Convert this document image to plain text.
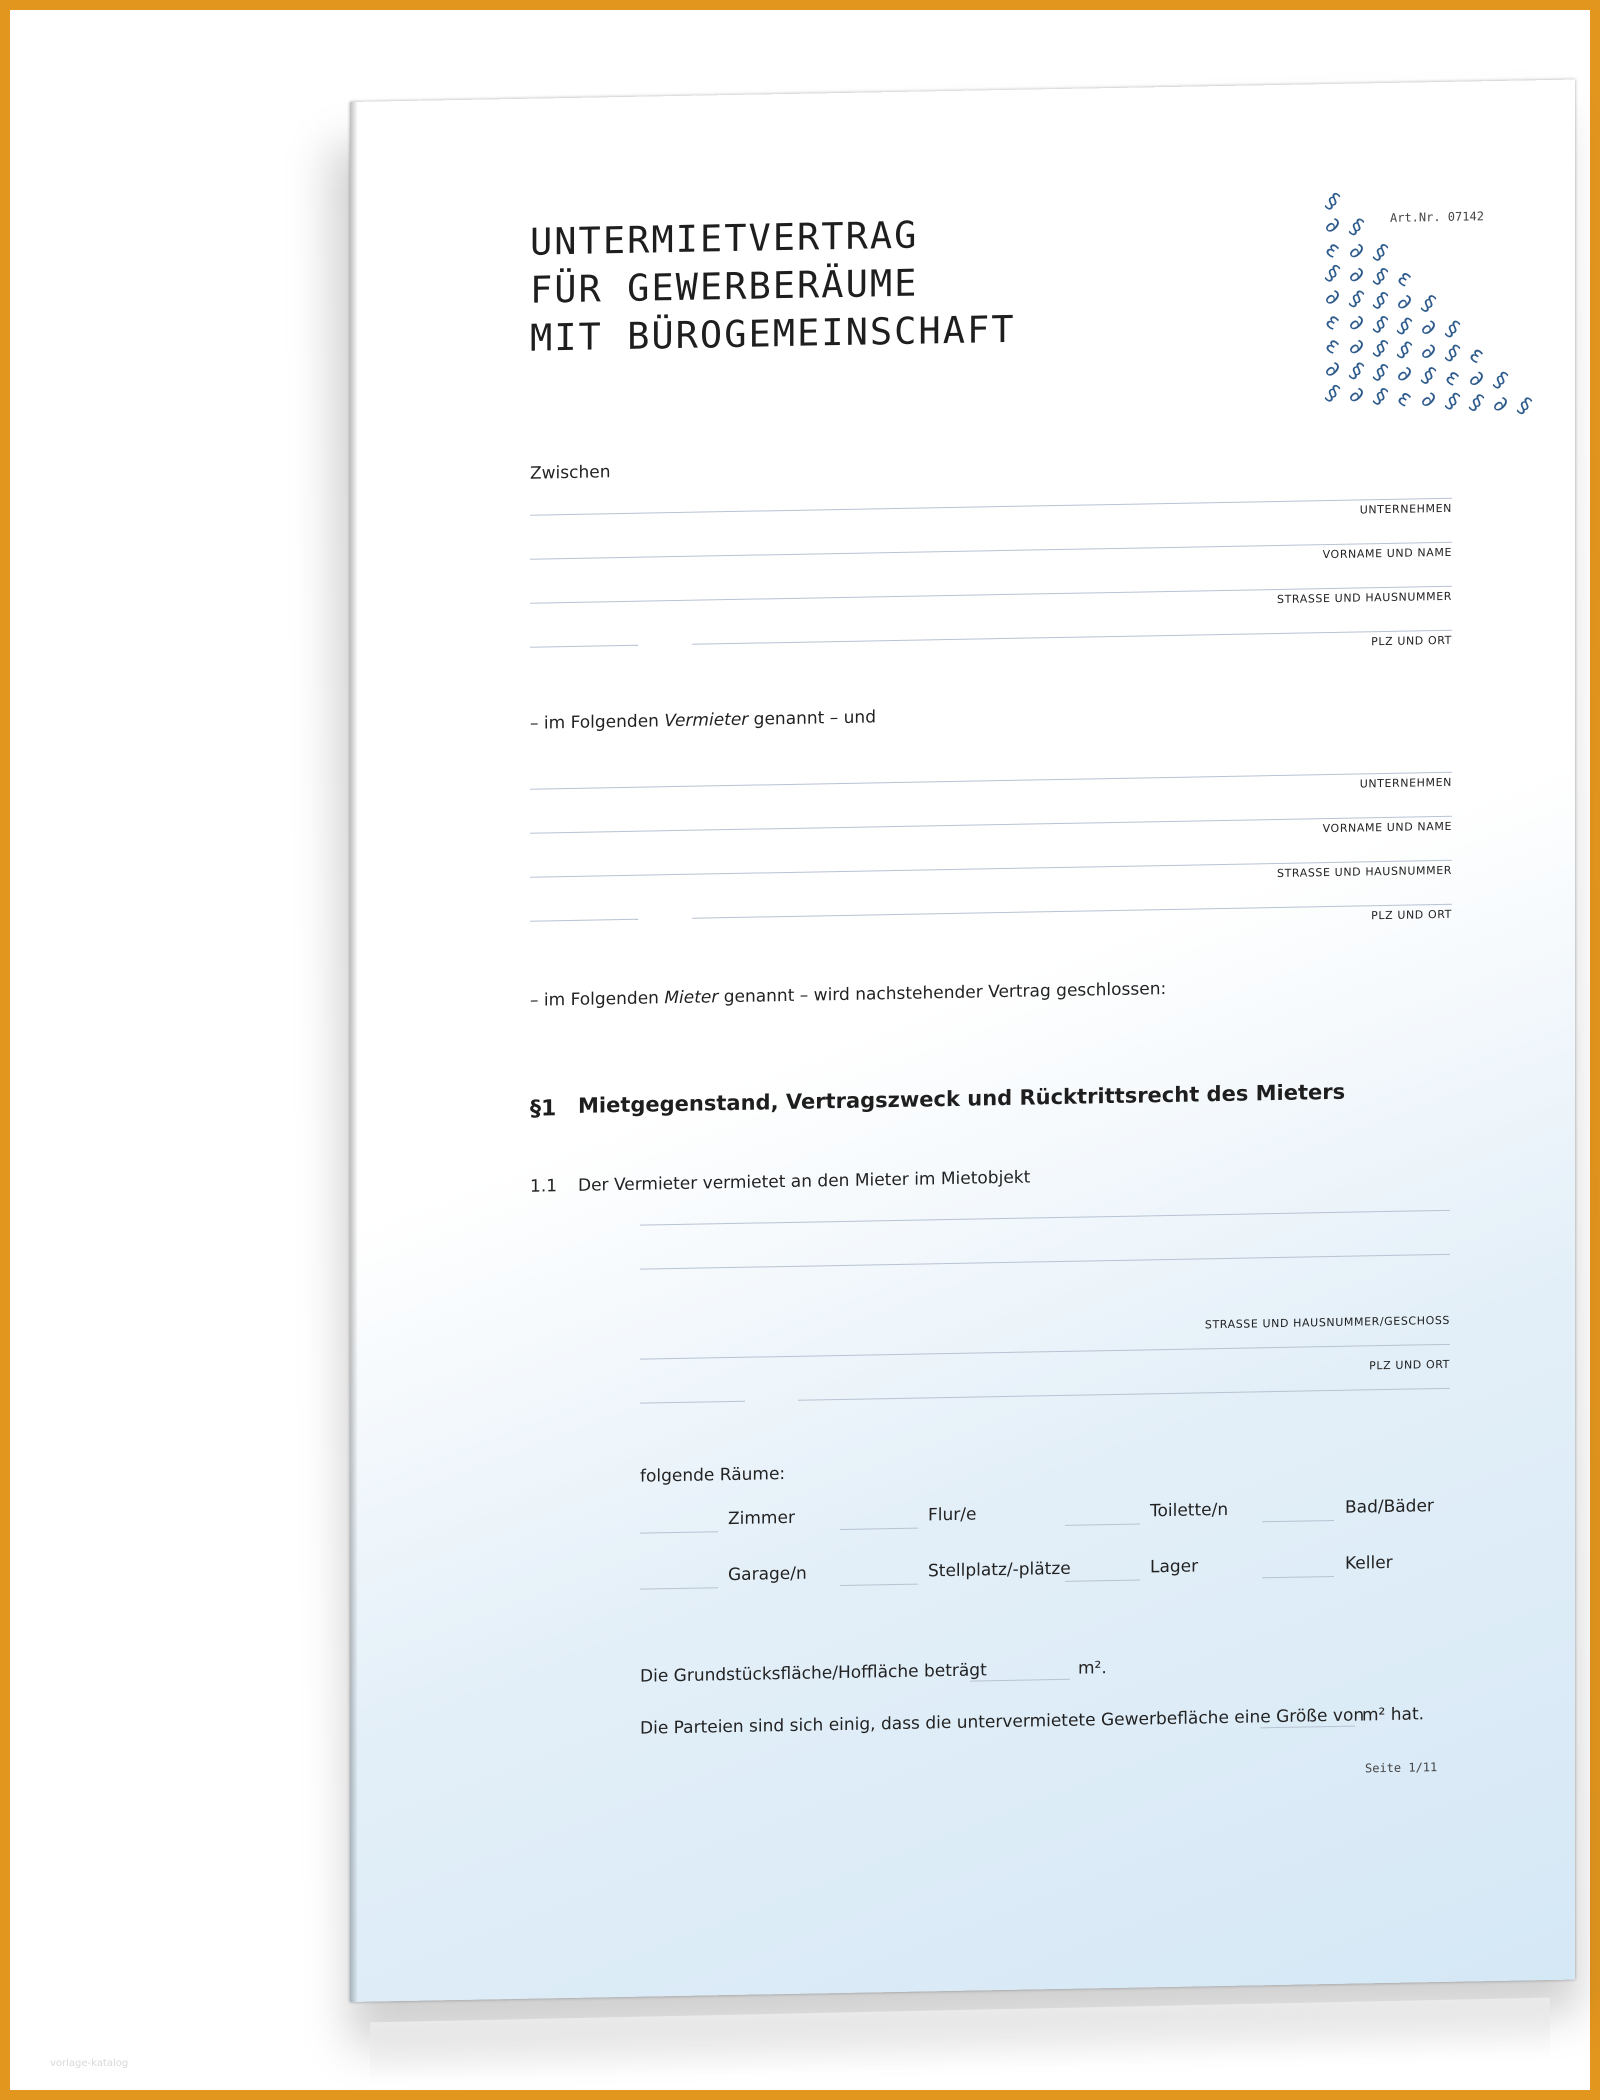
UNTERMIETVERTRAG
FÜR GEWERBERÄUME
MIT BÜROGEMEINSCHAFT
Art.Nr. 07142
§
∂ §
ε ∂ §
§ ∂ § ε
∂ § § ∂ §
ε ∂ § § ∂ §
ε ∂ § § ∂ § ε
∂ § § ∂ § ε ∂ §
§ ∂ § ε ∂ § § ∂ §
Zwischen
UNTERNEHMEN
VORNAME UND NAME
STRASSE UND HAUSNUMMER
PLZ UND ORT
– im Folgenden Vermieter genannt – und
UNTERNEHMEN
VORNAME UND NAME
STRASSE UND HAUSNUMMER
PLZ UND ORT
– im Folgenden Mieter genannt – wird nachstehender Vertrag geschlossen:
§1 Mietgegenstand, Vertragszweck und Rücktrittsrecht des Mieters
1.1 Der Vermieter vermietet an den Mieter im Mietobjekt
STRASSE UND HAUSNUMMER/GESCHOSS
PLZ UND ORT
folgende Räume:
Zimmer	Flur/e	Toilette/n	Bad/Bäder
Garage/n	Stellplatz/-plätze	Lager	Keller
Die Grundstücksfläche/Hoffläche beträgt	m².
Die Parteien sind sich einig, dass die untervermietete Gewerbefläche eine Größe von
m² hat.
Seite 1/11
vorlage-katalog
